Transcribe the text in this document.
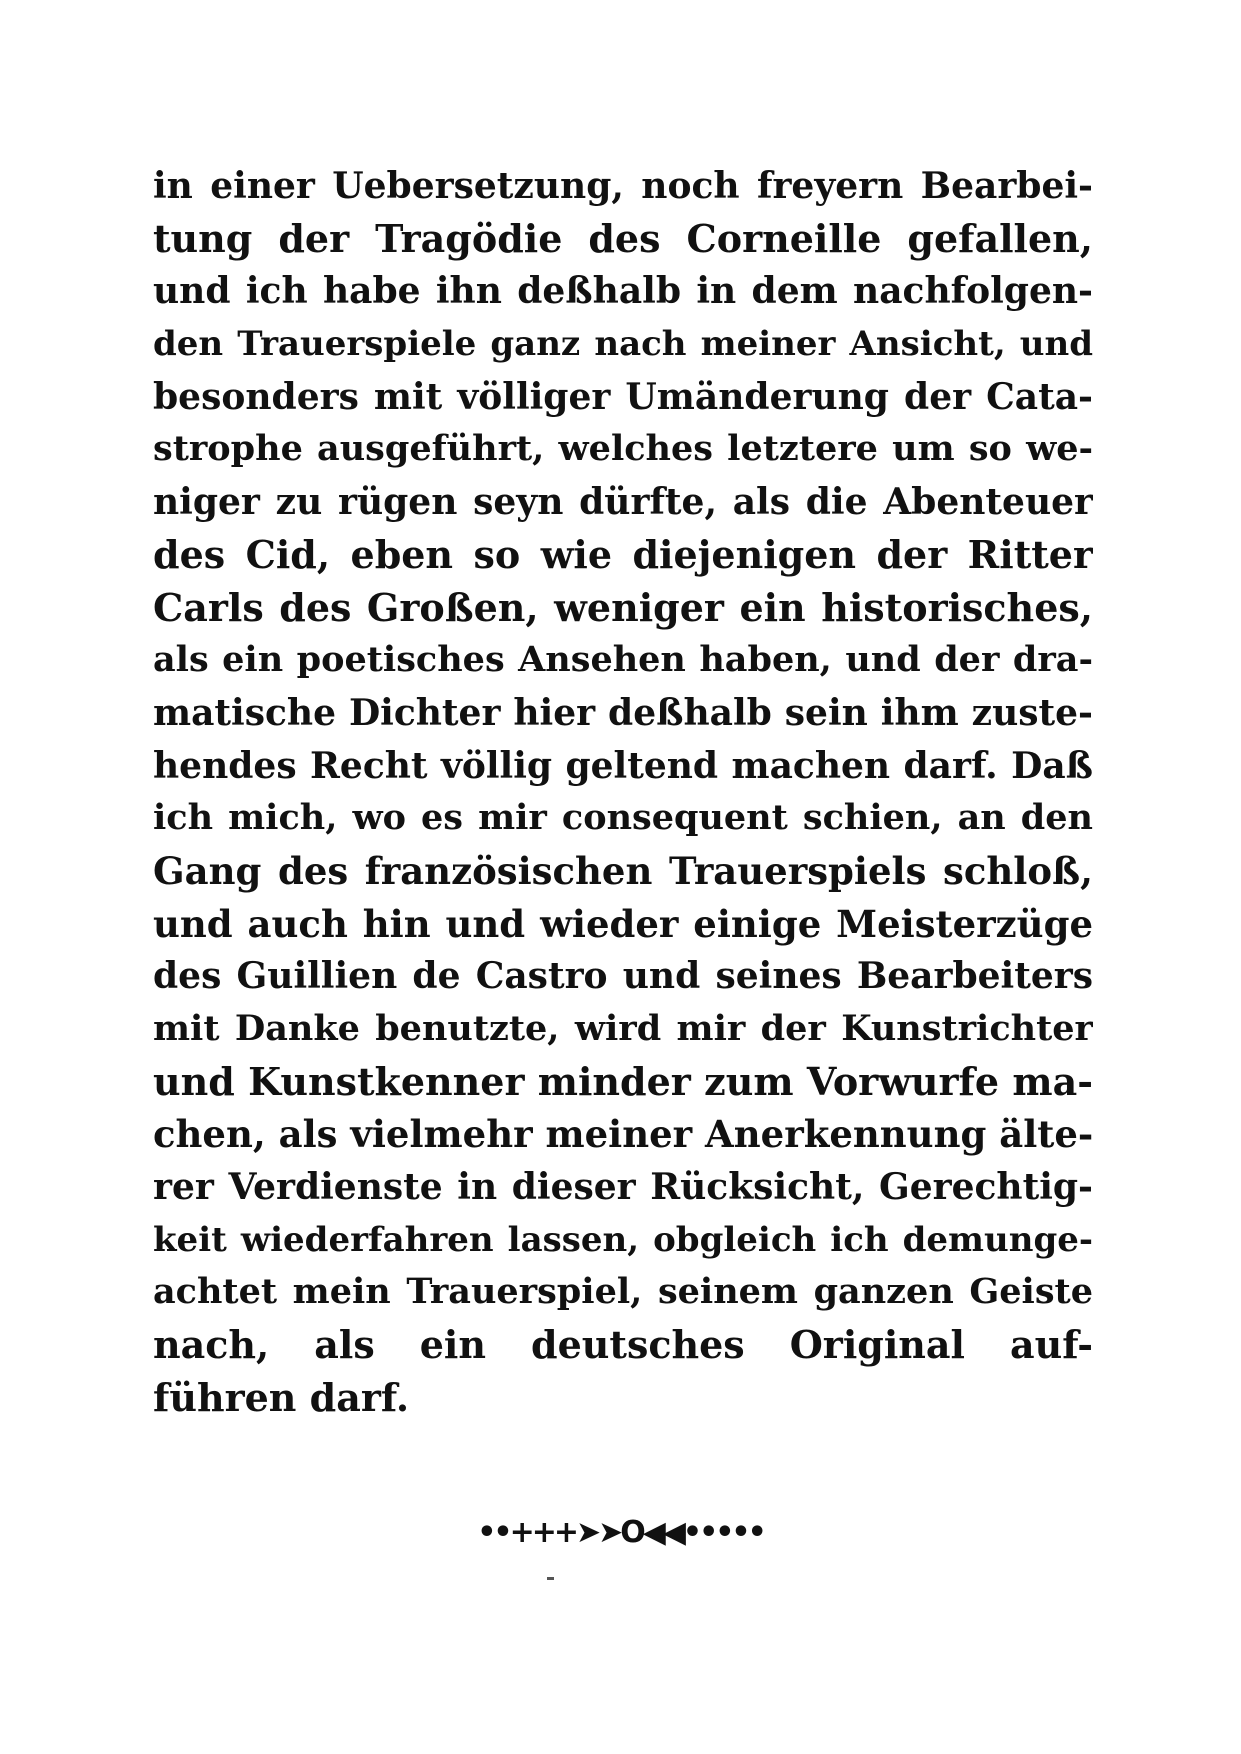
in einer Uebersetzung, noch freyern Bearbei-
tung der Tragödie des Corneille gefallen,
und ich habe ihn deßhalb in dem nachfolgen-
den Trauerspiele ganz nach meiner Ansicht, und
besonders mit völliger Umänderung der Cata-
strophe ausgeführt, welches letztere um so we-
niger zu rügen seyn dürfte, als die Abenteuer
des Cid, eben so wie diejenigen der Ritter
Carls des Großen, weniger ein historisches,
als ein poetisches Ansehen haben, und der dra-
matische Dichter hier deßhalb sein ihm zuste-
hendes Recht völlig geltend machen darf. Daß
ich mich, wo es mir consequent schien, an den
Gang des französischen Trauerspiels schloß,
und auch hin und wieder einige Meisterzüge
des Guillien de Castro und seines Bearbeiters
mit Danke benutzte, wird mir der Kunstrichter
und Kunstkenner minder zum Vorwurfe ma-
chen, als vielmehr meiner Anerkennung älte-
rer Verdienste in dieser Rücksicht, Gerechtig-
keit wiederfahren lassen, obgleich ich demunge-
achtet mein Trauerspiel, seinem ganzen Geiste
nach, als ein deutsches Original auf-
führen darf.
••+++➤➤O◀◀•••••
